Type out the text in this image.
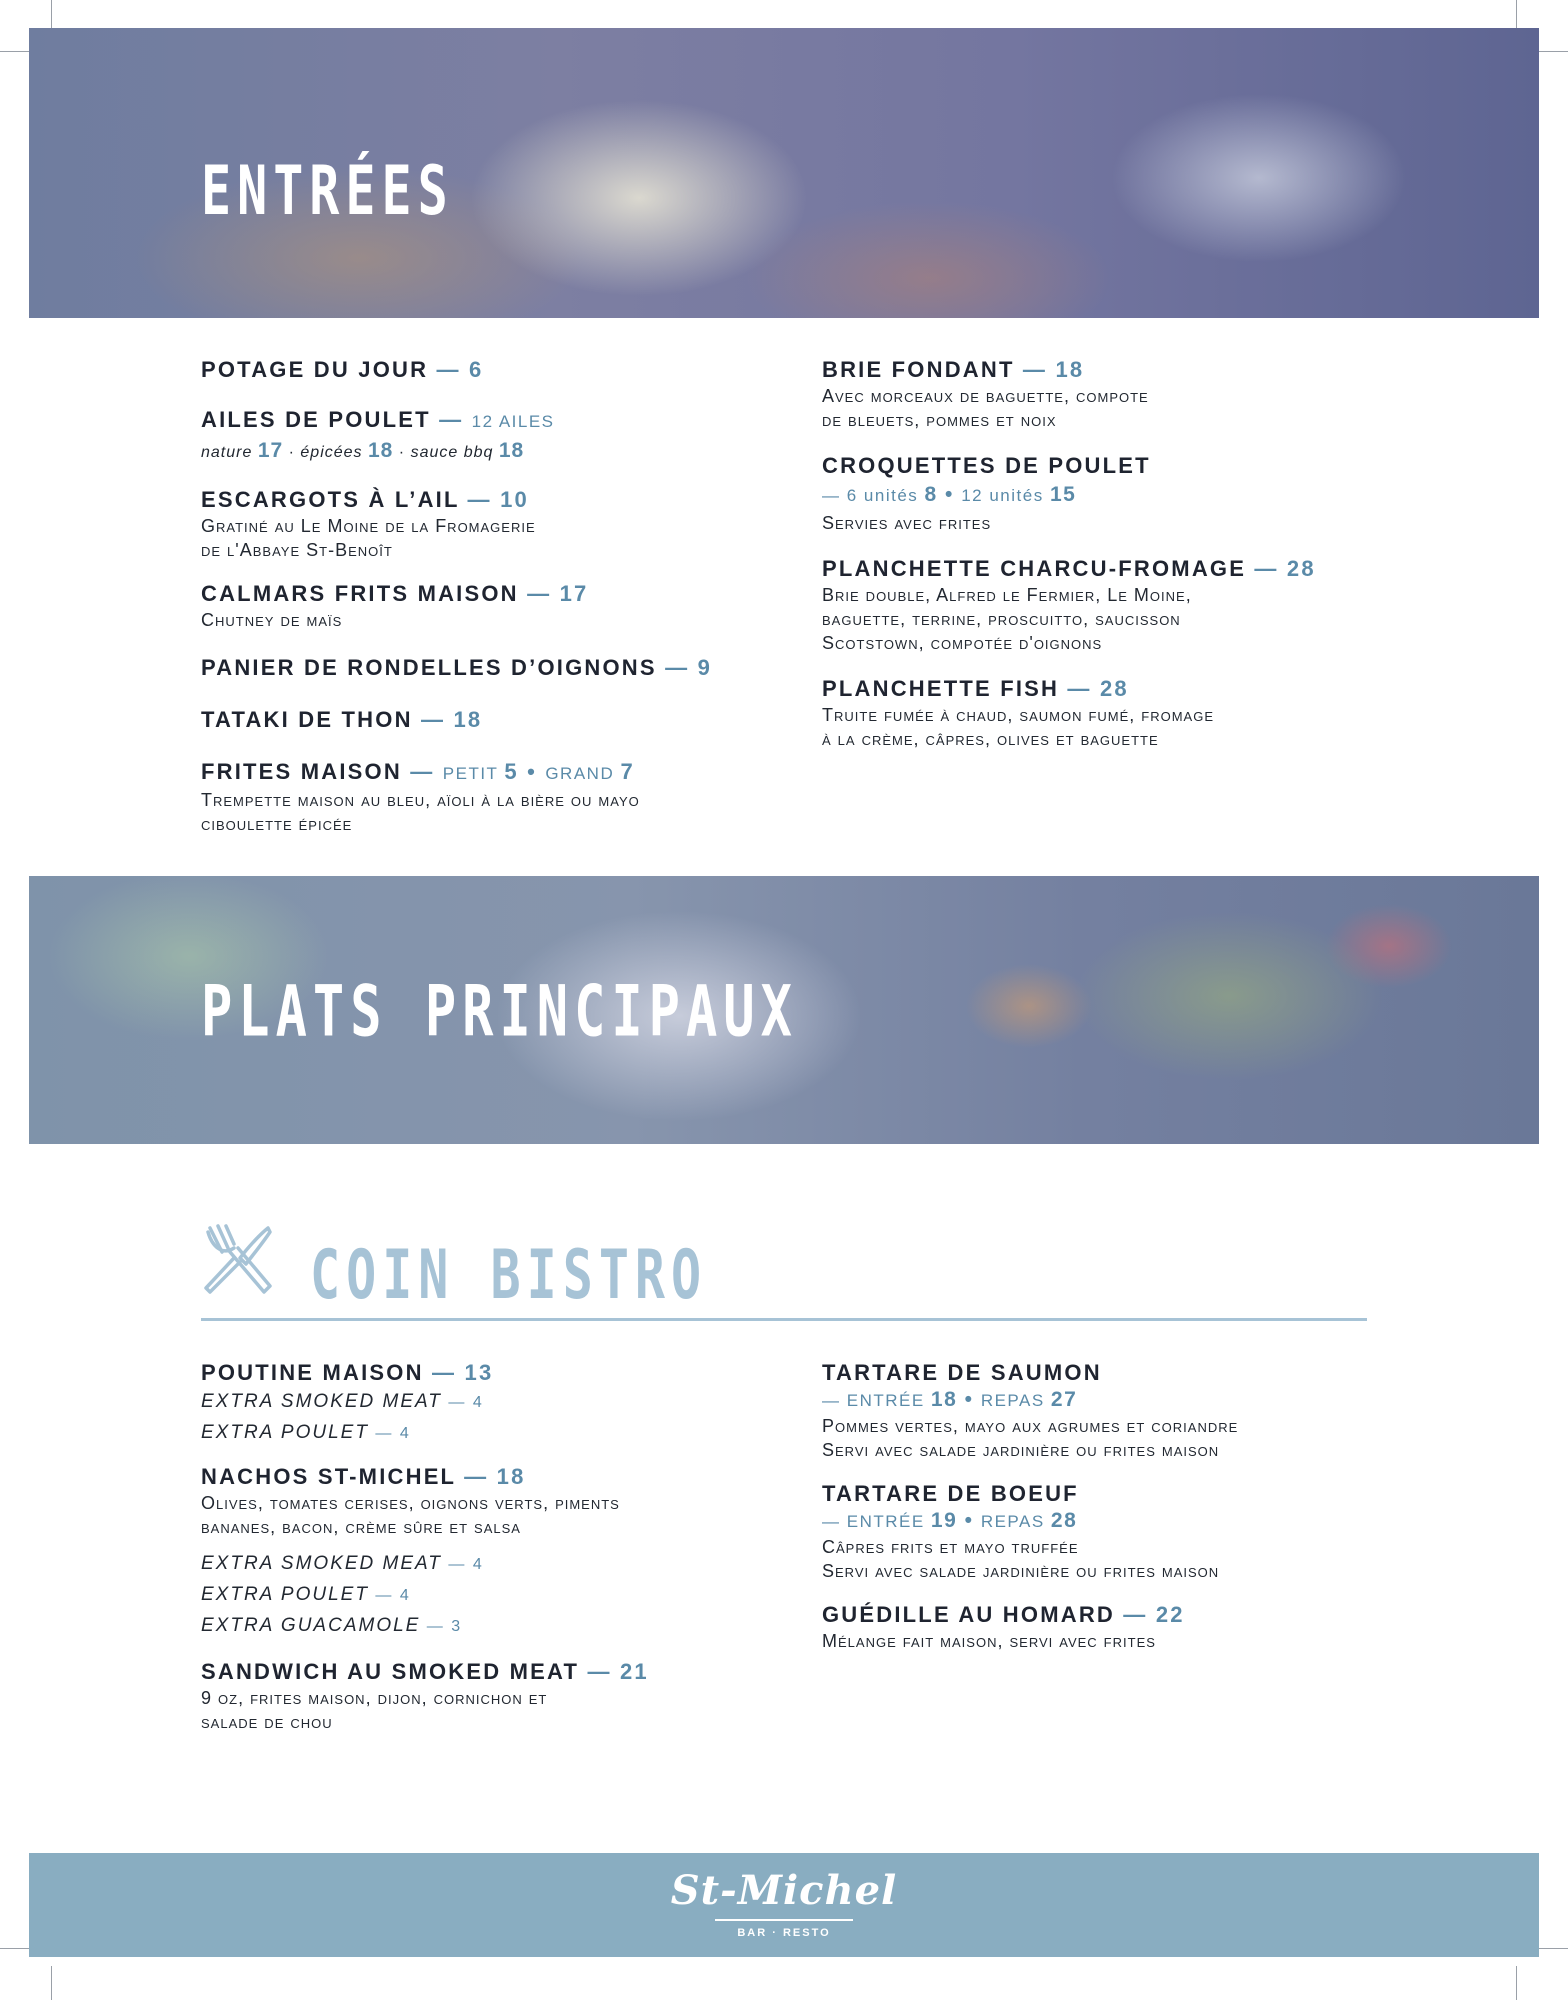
ENTRÉES
POTAGE DU JOUR — 6
AILES DE POULET — 12 AILES
nature 17 · épicées 18 · sauce bbq 18
ESCARGOTS À L’AIL — 10
Gratiné au Le Moine de la Fromagerie
de l'Abbaye St-Benoît
CALMARS FRITS MAISON — 17
Chutney de maïs
PANIER DE RONDELLES D’OIGNONS — 9
TATAKI DE THON — 18
FRITES MAISON — PETIT 5 • GRAND 7
Trempette maison au bleu, aïoli à la bière ou mayo
ciboulette épicée
BRIE FONDANT — 18
Avec morceaux de baguette, compote
de bleuets, pommes et noix
CROQUETTES DE POULET
— 6 unités 8 • 12 unités 15
Servies avec frites
PLANCHETTE CHARCU-FROMAGE — 28
Brie double, Alfred le Fermier, Le Moine,
baguette, terrine, proscuitto, saucisson
Scotstown, compotée d'oignons
PLANCHETTE FISH — 28
Truite fumée à chaud, saumon fumé, fromage
à la crème, câpres, olives et baguette
PLATS PRINCIPAUX
COIN BISTRO
POUTINE MAISON — 13
EXTRA SMOKED MEAT — 4
EXTRA POULET — 4
NACHOS ST-MICHEL — 18
Olives, tomates cerises, oignons verts, piments
bananes, bacon, crème sûre et salsa
EXTRA SMOKED MEAT — 4
EXTRA POULET — 4
EXTRA GUACAMOLE — 3
SANDWICH AU SMOKED MEAT — 21
9 oz, frites maison, dijon, cornichon et
salade de chou
TARTARE DE SAUMON
— ENTRÉE 18 • REPAS 27
Pommes vertes, mayo aux agrumes et coriandre
Servi avec salade jardinière ou frites maison
TARTARE DE BOEUF
— ENTRÉE 19 • REPAS 28
Câpres frits et mayo truffée
Servi avec salade jardinière ou frites maison
GUÉDILLE AU HOMARD — 22
Mélange fait maison, servi avec frites
St-Michel
BAR · RESTO
